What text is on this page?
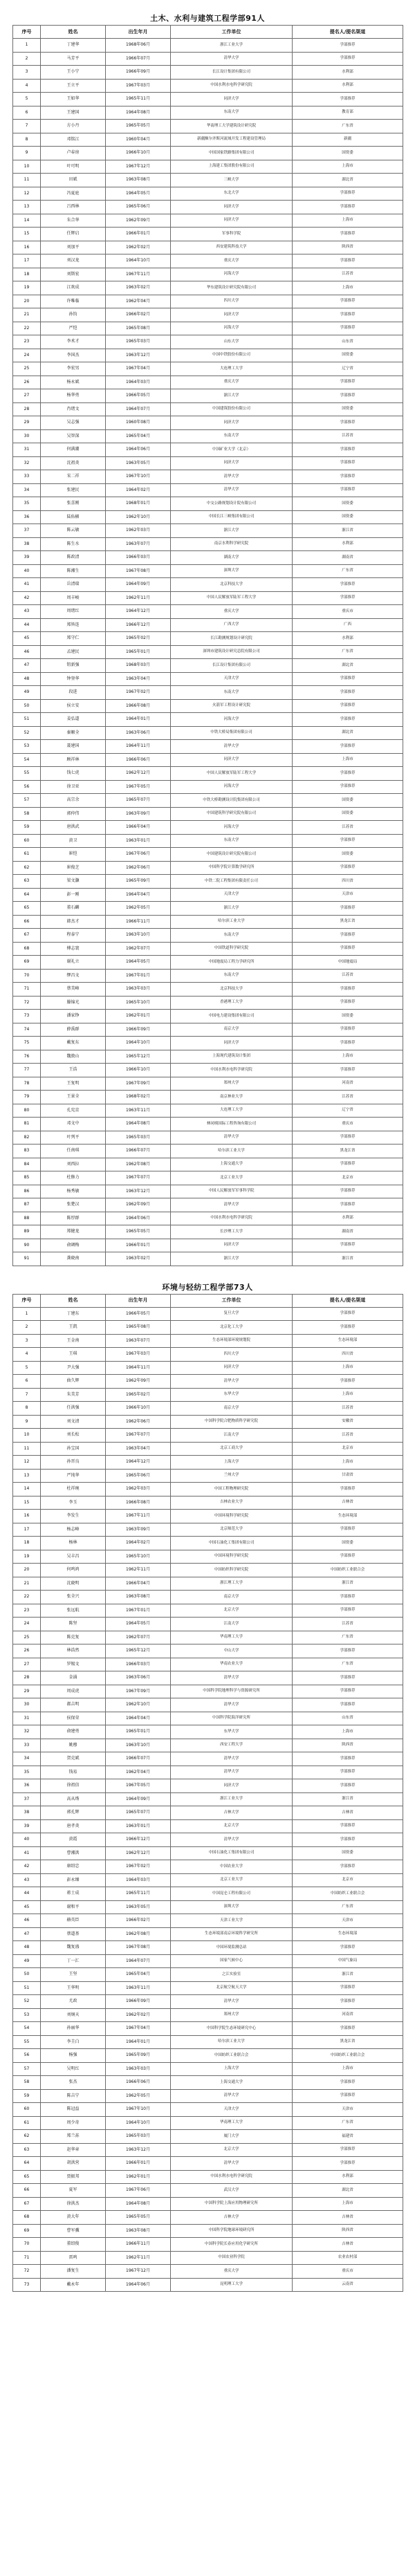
土木、水利与建筑工程学部91人
序号	姓名	出生年月	工作单位	提名人/提名渠道
1	丁建华	1968年06月	浙江工业大学	学部推荐
2	马芳平	1966年07月	清华大学	学部推荐
3	王小宁	1966年09月	长江设计集团有限公司	水利部
4	王立平	1967年03月	中国水利水电科学研究院	水利部
5	王如华	1965年11月	同济大学	学部推荐
6	王建国	1964年08月	东南大学	教育部
7	方小丹	1965年05月	华南理工大学建筑设计研究院	广东省
8	邓铭江	1960年04月	新疆额尔齐斯河流域开发工程建设管理局	新疆
9	卢春房	1966年10月	中国国家铁路集团有限公司	国资委
10	叶可明	1967年12月	上海建工集团股份有限公司	上海市
11	田斌	1963年08月	三峡大学	湖北省
12	冯夏庭	1964年05月	东北大学	学部推荐
13	吕西林	1965年06月	同济大学	学部推荐
14	朱合华	1962年09月	同济大学	上海市
15	任辉启	1966年01月	军事科学院	学部推荐
16	刘加平	1962年02月	西安建筑科技大学	陕西省
17	刘汉龙	1964年10月	重庆大学	学部推荐
18	刘斯宏	1967年11月	河海大学	江苏省
19	江欢成	1963年02月	华东建筑设计研究院有限公司	上海市
20	许唯临	1962年04月	四川大学	学部推荐
21	孙钧	1966年02月	同济大学	学部推荐
22	严恺	1965年08月	河海大学	学部推荐
23	李术才	1965年03月	山东大学	山东省
24	李国杰	1963年12月	中国中铁股份有限公司	国资委
25	李宏男	1967年04月	大连理工大学	辽宁省
26	杨永斌	1964年03月	重庆大学	学部推荐
27	杨华勇	1966年05月	浙江大学	学部推荐
28	肖绪文	1964年07月	中国建筑股份有限公司	国资委
29	吴志强	1960年08月	同济大学	学部推荐
30	吴智深	1965年04月	东南大学	江苏省
31	何满潮	1964年06月	中国矿业大学（北京）	学部推荐
32	沈祖炎	1963年05月	同济大学	学部推荐
33	宋二祥	1967年10月	清华大学	学部推荐
34	张建民	1964年02月	清华大学	学部推荐
35	张喜刚	1968年01月	中交公路规划设计院有限公司	国资委
36	陆佑楣	1962年10月	中国长江三峡集团有限公司	国资委
37	陈云敏	1962年03月	浙江大学	浙江省
38	陈生水	1963年07月	南京水利科学研究院	水利部
39	陈政清	1966年03月	湖南大学	湖南省
40	陈湘生	1967年08月	深圳大学	广东省
41	岳清瑞	1964年09月	北京科技大学	学部推荐
42	周丰峻	1962年11月	中国人民解放军陆军工程大学	学部推荐
43	周绪红	1964年12月	重庆大学	重庆市
44	郑皆连	1966年12月	广西大学	广西
45	郑守仁	1965年02月	长江勘测规划设计研究院	水利部
46	孟建民	1965年01月	深圳市建筑设计研究总院有限公司	广东省
47	钮新强	1968年03月	长江设计集团有限公司	湖北省
48	钟登华	1963年04月	天津大学	学部推荐
49	段进	1967年02月	东南大学	学部推荐
50	侯立安	1966年08月	火箭军工程设计研究院	学部推荐
51	姜弘道	1964年01月	河海大学	学部推荐
52	秦顺全	1963年06月	中铁大桥局集团有限公司	湖北省
53	聂建国	1964年11月	清华大学	学部推荐
54	顾祥林	1966年06月	同济大学	上海市
55	钱七虎	1962年12月	中国人民解放军陆军工程大学	学部推荐
56	徐卫亚	1967年05月	河海大学	学部推荐
57	高宗余	1965年07月	中铁大桥勘测设计院集团有限公司	国资委
58	郭仲伟	1963年09月	中国建筑科学研究院有限公司	国资委
59	唐洪武	1966年04月	河海大学	江苏省
60	黄卫	1963年01月	东南大学	学部推荐
61	崔恺	1967年06月	中国建筑设计研究院有限公司	国资委
62	崔俊芝	1962年06月	中国科学院计算数学研究所	学部推荐
63	梁文灏	1965年09月	中铁二院工程集团有限责任公司	四川省
64	彭一刚	1964年04月	天津大学	天津市
65	董石麟	1962年05月	浙江大学	学部推荐
66	韩杰才	1966年11月	哈尔滨工业大学	黑龙江省
67	程泰宁	1963年10月	东南大学	学部推荐
68	傅志寰	1962年07月	中国铁道科学研究院	学部推荐
69	谢礼立	1964年05月	中国地震局工程力学研究所	中国地震局
70	缪昌文	1967年01月	东南大学	江苏省
71	蔡美峰	1963年03月	北京科技大学	学部推荐
72	滕锦光	1965年10月	香港理工大学	学部推荐
73	潘家铮	1962年01月	中国电力建设集团有限公司	国资委
74	薛禹群	1966年09月	南京大学	学部推荐
75	戴复东	1964年10月	同济大学	学部推荐
76	魏敦山	1965年12月	上海现代建筑设计集团	上海市
77	王浩	1966年10月	中国水利水电科学研究院	学部推荐
78	王复明	1967年09月	郑州大学	河南省
79	王景全	1968年02月	南京林业大学	江苏省
80	孔宪京	1963年11月	大连理工大学	辽宁省
81	邓文中	1964年08月	林同棪国际工程咨询有限公司	重庆市
82	叶列平	1965年03月	清华大学	学部推荐
83	任南琪	1966年07月	哈尔滨工业大学	黑龙江省
84	刘西拉	1962年08月	上海交通大学	学部推荐
85	杜修力	1967年07月	北京工业大学	北京市
86	杨秀敏	1963年12月	中国人民解放军军事科学院	学部推荐
87	张楚汉	1962年09月	清华大学	学部推荐
88	陈厚群	1964年06月	中国水利水电科学研究院	水利部
89	郑健龙	1965年05月	长沙理工大学	湖南省
90	俞调梅	1966年01月	同济大学	学部推荐
91	龚晓南	1963年02月	浙江大学	浙江省
环境与轻纺工程学部73人
序号	姓名	出生年月	工作单位	提名人/提名渠道
1	丁建东	1966年05月	复旦大学	学部推荐
2	王凯	1965年08月	北京化工大学	学部推荐
3	王金南	1963年07月	生态环境部环境规划院	生态环境部
4	王琪	1967年03月	四川大学	四川省
5	尹大强	1964年11月	同济大学	上海市
6	曲久辉	1962年09月	清华大学	学部推荐
7	朱美芳	1965年02月	东华大学	上海市
8	任洪强	1966年10月	南京大学	江苏省
9	刘文清	1962年06月	中国科学院合肥物质科学研究院	安徽省
10	刘长松	1967年07月	江南大学	江苏省
11	孙宝国	1963年04月	北京工商大学	北京市
12	孙晋良	1964年12月	上海大学	上海市
13	严纯华	1965年06月	兰州大学	甘肃省
14	杜祥琬	1962年03月	中国工程物理研究院	学部推荐
15	李玉	1966年08月	吉林农业大学	吉林省
16	李发生	1967年11月	中国环境科学研究院	生态环境部
17	杨志峰	1963年09月	北京师范大学	学部推荐
18	杨林	1964年02月	中国石油化工集团有限公司	国资委
19	吴丰昌	1965年10月	中国环境科学研究院	学部推荐
20	何鸣鸿	1962年11月	中国纺织科学研究院	中国纺织工业联合会
21	沈晓明	1966年04月	浙江理工大学	浙江省
22	张全兴	1963年08月	南京大学	学部推荐
23	张远航	1967年01月	北京大学	学部推荐
24	陈坚	1964年05月	江南大学	江苏省
25	陈克复	1962年07月	华南理工大学	广东省
26	林浩然	1965年12月	中山大学	学部推荐
27	罗锡文	1966年03月	华南农业大学	广东省
28	金涌	1963年06月	清华大学	学部推荐
29	周成虎	1967年09月	中国科学院地理科学与资源研究所	学部推荐
30	郝吉明	1962年10月	清华大学	学部推荐
31	侯保荣	1964年04月	中国科学院海洋研究所	山东省
32	俞建勇	1965年01月	东华大学	上海市
33	姚穆	1963年10月	西安工程大学	陕西省
34	贺克斌	1966年07月	清华大学	学部推荐
35	钱易	1962年04月	清华大学	学部推荐
36	徐祖信	1967年05月	同济大学	学部推荐
37	高从堦	1964年09月	浙江工业大学	浙江省
38	郭孔辉	1965年07月	吉林大学	吉林省
39	唐孝炎	1963年01月	北京大学	学部推荐
40	黄霞	1966年12月	清华大学	学部推荐
41	曹湘洪	1962年12月	中国石油化工集团有限公司	国资委
42	康绍忠	1967年02月	中国农业大学	学部推荐
43	彭永臻	1964年03月	北京工业大学	北京市
44	蒋士成	1965年11月	中国昆仑工程有限公司	中国纺织工业联合会
45	谢和平	1963年05月	深圳大学	广东省
46	赫英臣	1966年02月	天津工业大学	天津市
47	蔡道基	1962年08月	生态环境部南京环境科学研究所	生态环境部
48	魏复盛	1967年08月	中国环境监测总站	学部推荐
49	丁一汇	1964年07月	国家气候中心	中国气象局
50	王坚	1965年04月	之江实验室	浙江省
51	王华明	1963年11月	北京航空航天大学	学部推荐
52	尤政	1966年09月	清华大学	学部推荐
53	刘炯天	1962年02月	郑州大学	河南省
54	孙丽华	1967年04月	中国科学院生态环境研究中心	学部推荐
55	李圭白	1964年01月	哈尔滨工业大学	黑龙江省
56	杨强	1965年09月	中国纺织工业联合会	中国纺织工业联合会
57	吴明红	1963年03月	上海大学	上海市
58	张杰	1966年06月	上海交通大学	学部推荐
59	陈吉宁	1962年05月	清华大学	学部推荐
60	陈冠益	1967年10月	天津大学	天津市
61	周少奇	1964年10月	华南理工大学	广东省
62	郑兰荪	1965年03月	厦门大学	福建省
63	赵华章	1963年12月	北京大学	学部推荐
64	胡洪营	1966年01月	清华大学	学部推荐
65	贾振邦	1962年01月	中国水利水电科学研究院	水利部
66	夏军	1967年06月	武汉大学	湖北省
67	徐洪杰	1964年08月	中国科学院上海应用物理研究所	上海市
68	黄大年	1965年05月	吉林大学	吉林省
69	曹军骥	1963年08月	中国科学院地球环境研究所	陕西省
70	董绍俊	1966年11月	中国科学院长春应用化学研究所	吉林省
71	雷鸣	1962年11月	中国农业科学院	农业农村部
72	潘复生	1967年12月	重庆大学	重庆市
73	戴永年	1964年06月	昆明理工大学	云南省
